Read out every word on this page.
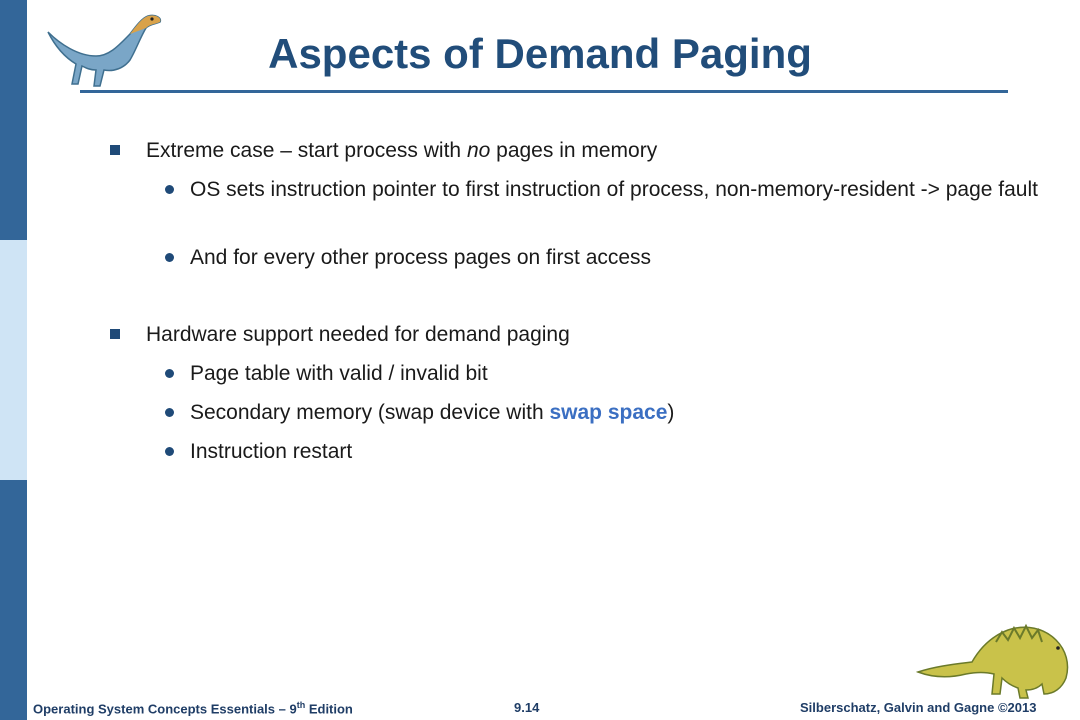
Aspects of Demand Paging
Extreme case – start process with no pages in memory
OS sets instruction pointer to first instruction of process, non-memory-resident -> page fault
And for every other process pages on first access
Hardware support needed for demand paging
Page table with valid / invalid bit
Secondary memory (swap device with swap space)
Instruction restart
Operating System Concepts Essentials – 9th Edition	9.14	Silberschatz, Galvin and Gagne ©2013
